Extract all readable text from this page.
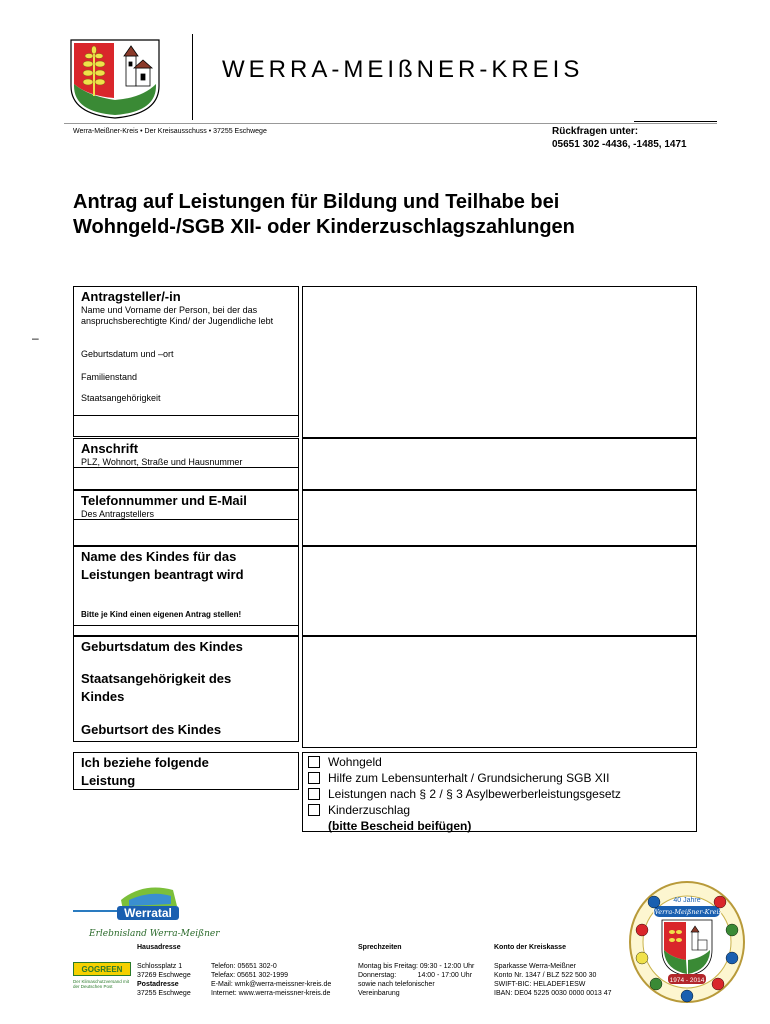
WERRA-MEIßNER-KREIS
Werra-Meißner-Kreis • Der Kreisausschuss • 37255 Eschwege	Rückfragen unter:
05651 302 -4436, -1485, 1471
Antrag auf Leistungen für Bildung und Teilhabe bei
Wohngeld-/SGB XII- oder Kinderzuschlagszahlungen
–
Antragsteller/-in
Name und Vorname der Person, bei der das anspruchsberechtigte Kind/ der Jugendliche lebt
Geburtsdatum und –ort
Familienstand
Staatsangehörigkeit
Anschrift
PLZ, Wohnort, Straße und Hausnummer
Telefonnummer und E-Mail
Des Antragstellers
Name des Kindes für das
Leistungen beantragt wird
Bitte je Kind einen eigenen Antrag stellen!
Geburtsdatum des Kindes
Staatsangehörigkeit des
Kindes
Geburtsort des Kindes
Ich beziehe folgende
Leistung
Wohngeld
Hilfe zum Lebensunterhalt / Grundsicherung SGB XII
Leistungen nach § 2 / § 3 Asylbewerberleistungsgesetz
Kinderzuschlag
(bitte Bescheid beifügen)
Werratal
Erlebnisland Werra-Meißner
Hausadresse	Sprechzeiten	Konto der Kreiskasse
GOGREEN
Der Klimaschutzversand mit der Deutschen Post
Schlossplatz 1
37269 Eschwege
Postadresse
37255 Eschwege
Telefon: 05651 302-0
Telefax: 05651 302-1999
E-Mail: wmk@werra-meissner-kreis.de
Internet: www.werra-meissner-kreis.de
Montag bis Freitag: 09:30 - 12:00 Uhr
Donnerstag:	14:00 - 17:00 Uhr
sowie nach telefonischer
Vereinbarung
Sparkasse Werra-Meißner
Konto Nr. 1347 / BLZ 522 500 30
SWIFT-BIC: HELADEF1ESW
IBAN: DE04 5225 0030 0000 0013 47
40 Jahre
Werra-Meißner-Kreis
1974 - 2014
